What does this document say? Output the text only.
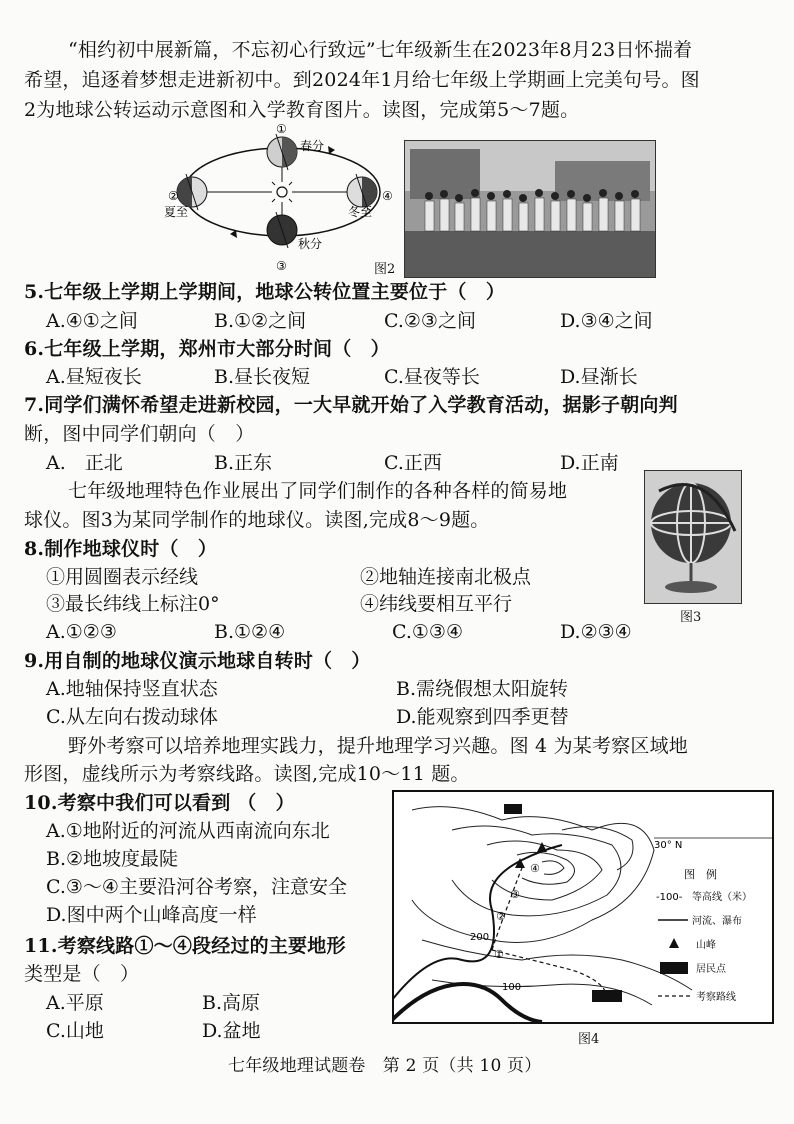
“相约初中展新篇，不忘初心行致远”七年级新生在2023年8月23日怀揣着
希望，追逐着梦想走进新初中。到2024年1月给七年级上学期画上完美句号。图
2为地球公转运动示意图和入学教育图片。读图，完成第5～7题。
①
春分
②
夏至
④
冬至
秋分
③	图2
5.七年级上学期上学期间，地球公转位置主要位于（　）
A.④①之间	B.①②之间	C.②③之间	D.③④之间
6.七年级上学期，郑州市大部分时间（　）
A.昼短夜长	B.昼长夜短	C.昼夜等长	D.昼渐长
7.同学们满怀希望走进新校园，一大早就开始了入学教育活动，据影子朝向判
断，图中同学们朝向（　）
A.　正北	B.正东	C.正西	D.正南
七年级地理特色作业展出了同学们制作的各种各样的简易地
球仪。图3为某同学制作的地球仪。读图,完成8～9题。
图3
8.制作地球仪时（　）
①用圆圈表示经线	②地轴连接南北极点
③最长纬线上标注0°	④纬线要相互平行
A.①②③	B.①②④	C.①③④	D.②③④
9.用自制的地球仪演示地球自转时（　）
A.地轴保持竖直状态	B.需绕假想太阳旋转
C.从左向右拨动球体	D.能观察到四季更替
野外考察可以培养地理实践力，提升地理学习兴趣。图 4 为某考察区域地
形图，虚线所示为考察线路。读图,完成10～11 题。
10.考察中我们可以看到 （　）
A.①地附近的河流从西南流向东北
B.②地坡度最陡
C.③～④主要沿河谷考察，注意安全
D.图中两个山峰高度一样
11.考察线路①～④段经过的主要地形
类型是（　）
A.平原	B.高原
C.山地	D.盆地
①
②
③
④
200
100
30° N
图　例
-100- 等高线（米）
河流、瀑布
山峰
居民点
考察路线
图4
七年级地理试题卷　第 2 页（共 10 页）
